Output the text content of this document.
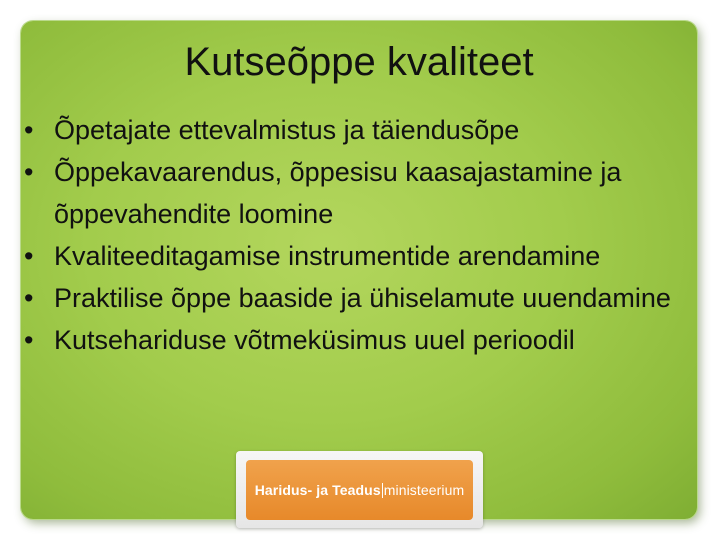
Kutseõppe kvaliteet
• Õpetajate ettevalmistus ja täiendusõpe
• Õppekavaarendus, õppesisu kaasajastamine ja õppevahendite loomine
• Kvaliteeditagamise instrumentide arendamine
• Praktilise õppe baaside ja ühiselamute uuendamine
• Kutsehariduse võtmeküsimus uuel perioodil
Haridus- ja Teadus ministeerium
